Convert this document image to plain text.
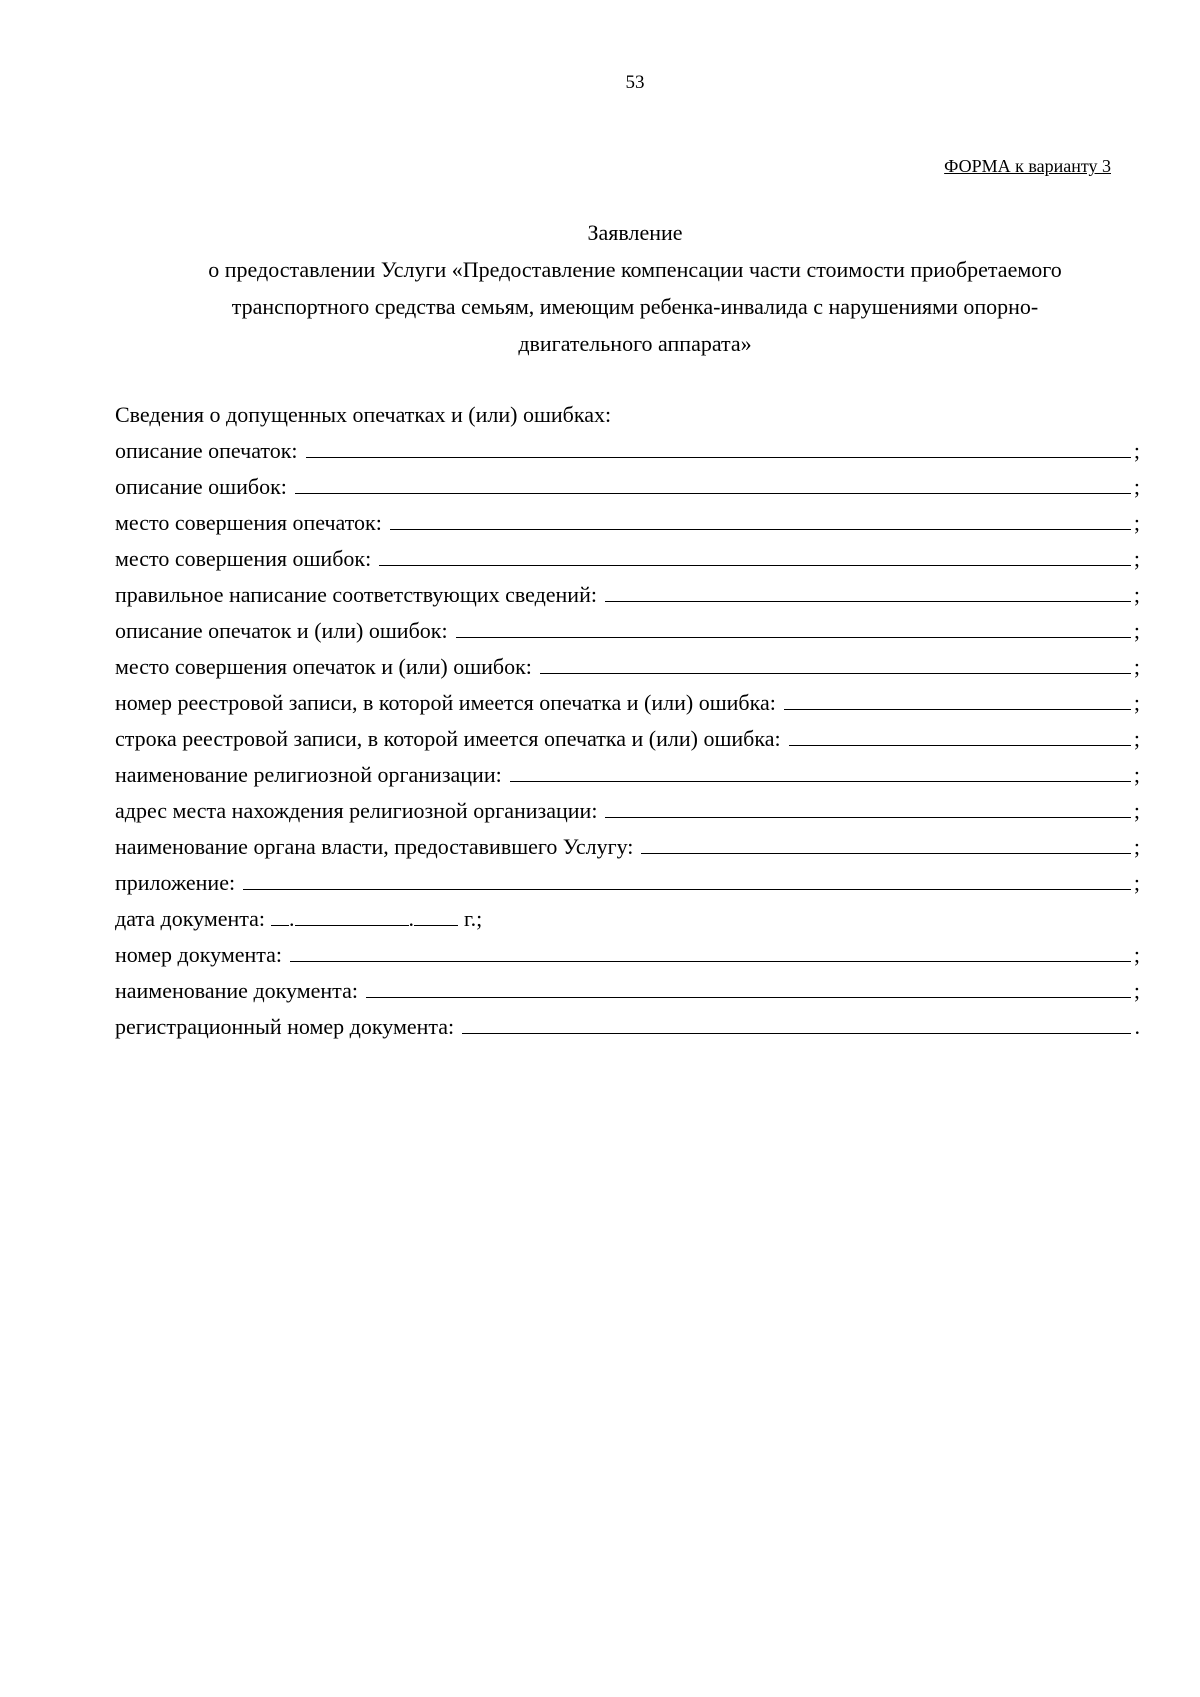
53
ФОРМА к варианту 3
Заявление
о предоставлении Услуги «Предоставление компенсации части стоимости приобретаемого
транспортного средства семьям, имеющим ребенка-инвалида с нарушениями опорно-
двигательного аппарата»
Сведения о допущенных опечатках и (или) ошибках:
описание опечаток:	;
описание ошибок:	;
место совершения опечаток:	;
место совершения ошибок:	;
правильное написание соответствующих сведений:	;
описание опечаток и (или) ошибок:	;
место совершения опечаток и (или) ошибок:	;
номер реестровой записи, в которой имеется опечатка и (или) ошибка:	;
строка реестровой записи, в которой имеется опечатка и (или) ошибка:	;
наименование религиозной организации:	;
адрес места нахождения религиозной организации:	;
наименование органа власти, предоставившего Услугу:	;
приложение:	;
дата документа: .	. г.;
номер документа:	;
наименование документа:	;
регистрационный номер документа:	.
